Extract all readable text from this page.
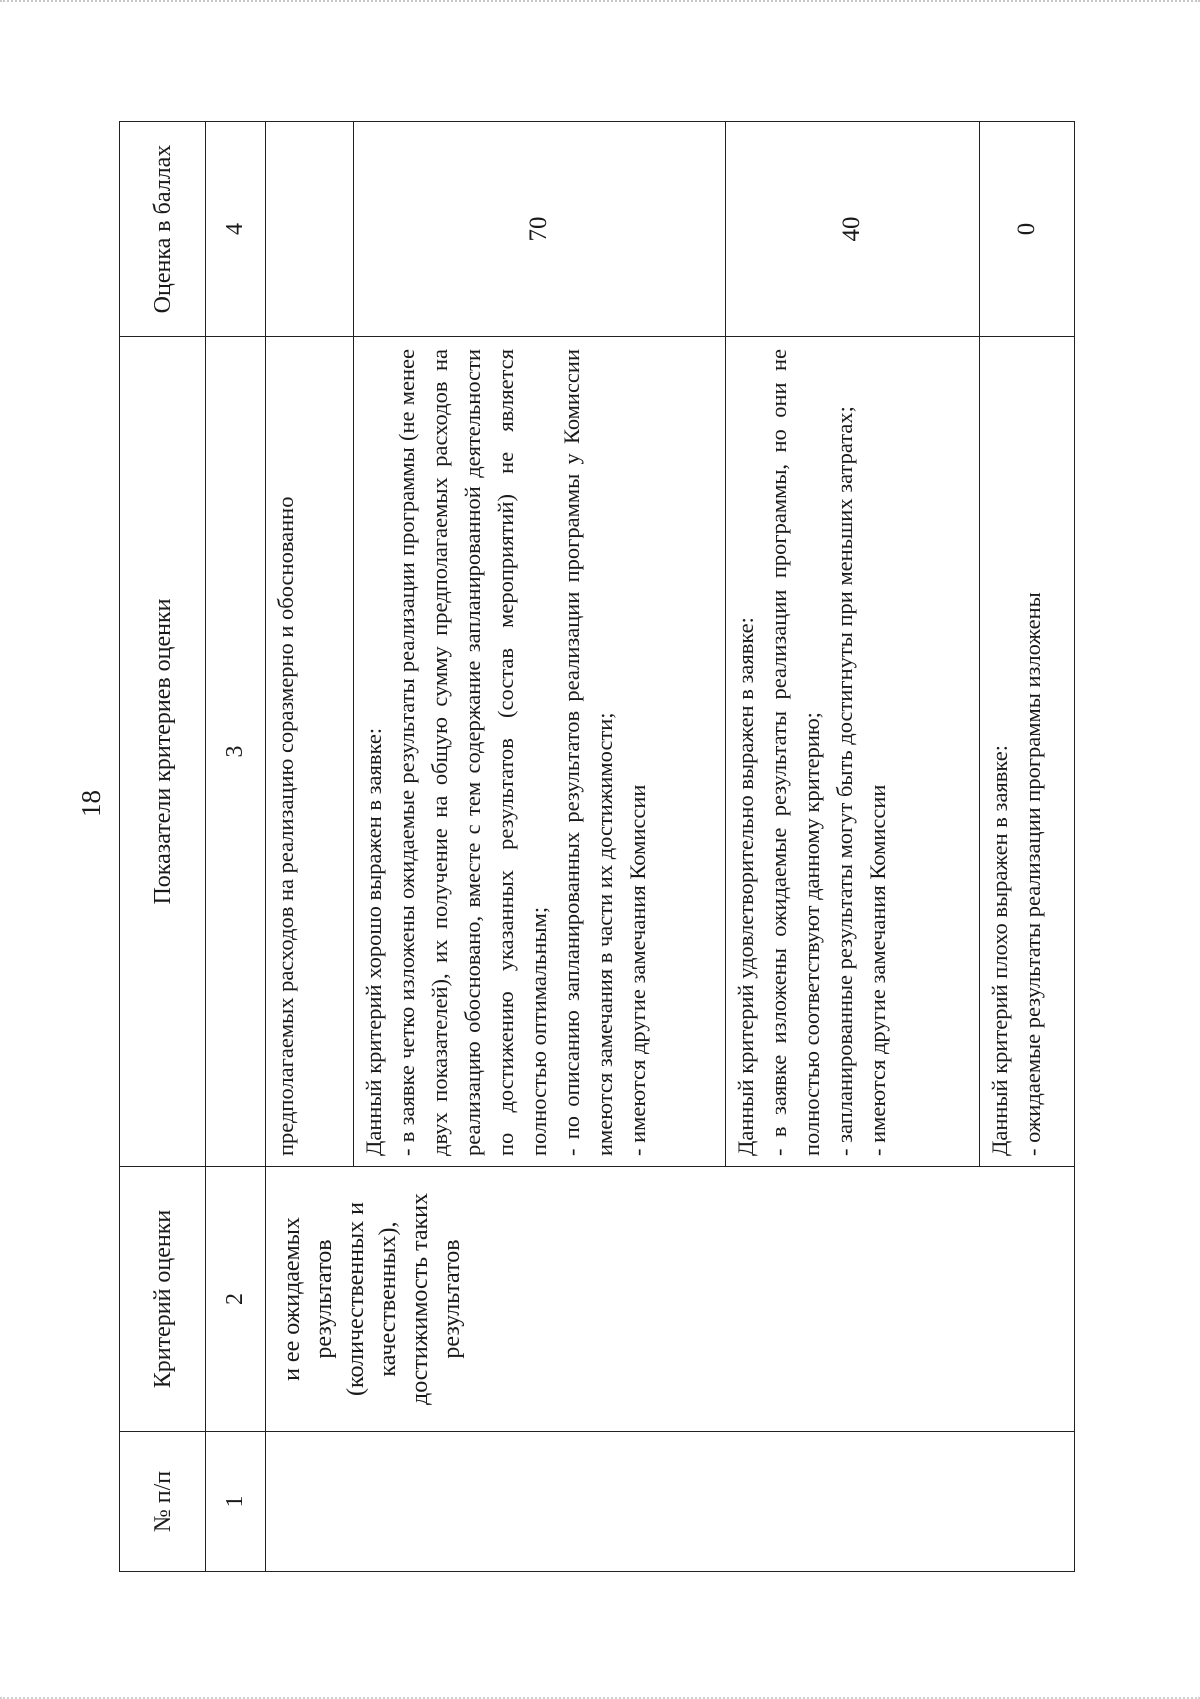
18
№ п/п	Критерий оценки	Показатели критериев оценки	Оценка в баллах
1	2	3	4
	и ее ожидаемых результатов (количественных и качественных), достижимость таких результатов	предполагаемых расходов на реализацию соразмерно и обоснованно	

		Данный критерий хорошо выражен в заявке: - в заявке четко изложены ожидаемые результаты реализации программы (не менее двух показателей), их получение на общую сумму предполагаемых расходов на реализацию обосновано, вместе с тем содержание запланированной деятельности по достижению указанных результатов (состав мероприятий) не является полностью оптимальным; - по описанию запланированных результатов реализации программы у Комиссии имеются замечания в части их достижимости; - имеются другие замечания Комиссии	70

		Данный критерий удовлетворительно выражен в заявке: - в заявке изложены ожидаемые результаты реализации программы, но они не полностью соответствуют данному критерию; - запланированные результаты могут быть достигнуты при меньших затратах; - имеются другие замечания Комиссии	40

		Данный критерий плохо выражен в заявке: - ожидаемые результаты реализации программы изложены	0
